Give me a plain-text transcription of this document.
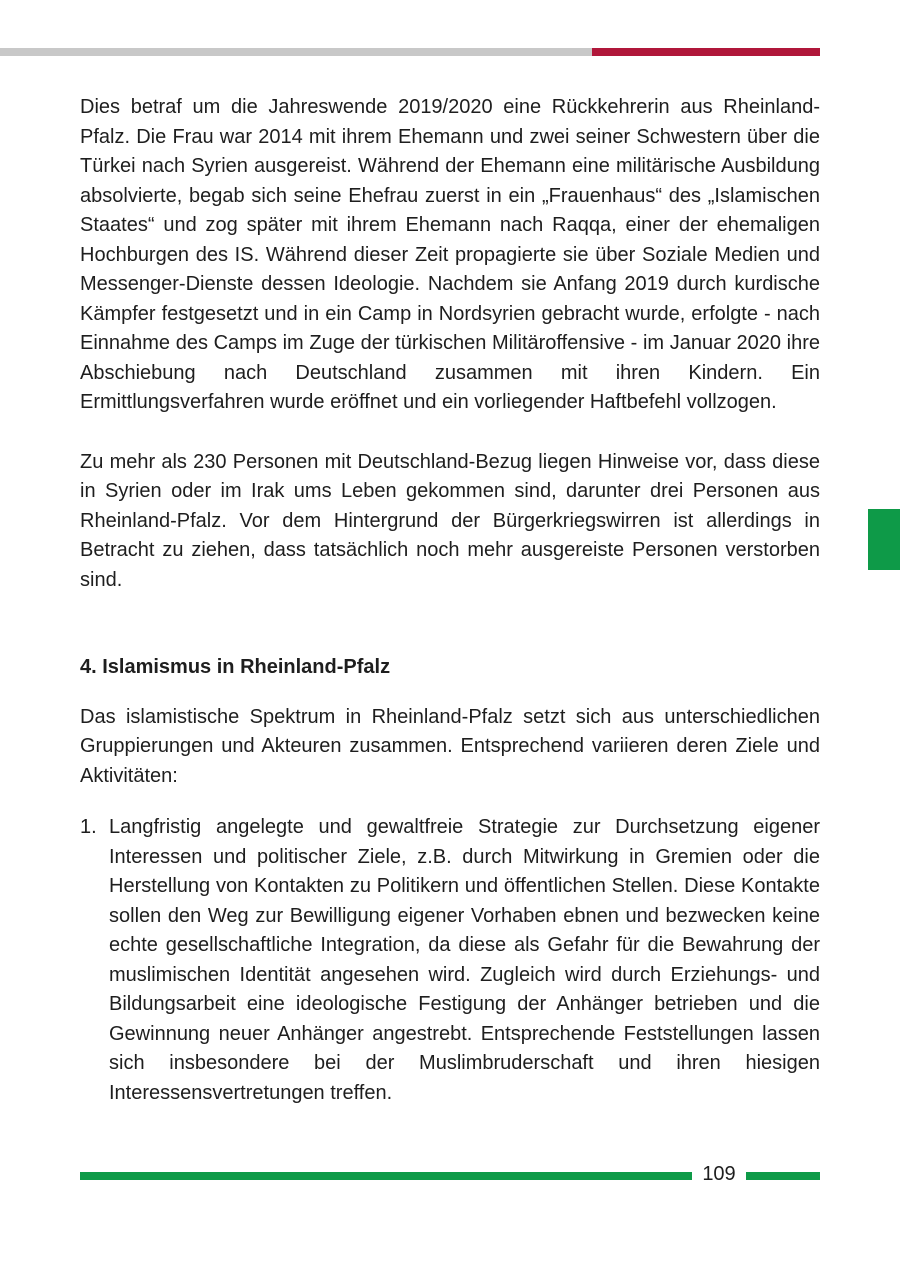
Dies betraf um die Jahreswende 2019/2020 eine Rückkehrerin aus Rheinland-Pfalz. Die Frau war 2014 mit ihrem Ehemann und zwei seiner Schwestern über die Türkei nach Syrien ausgereist. Während der Ehemann eine militärische Ausbildung absolvierte, begab sich seine Ehefrau zuerst in ein „Frauenhaus“ des „Islamischen Staates“ und zog später mit ihrem Ehemann nach Raqqa, einer der ehemaligen Hochburgen des IS. Während dieser Zeit propagierte sie über Soziale Medien und Messenger-Dienste dessen Ideologie. Nachdem sie Anfang 2019 durch kurdische Kämpfer festgesetzt und in ein Camp in Nordsyrien gebracht wurde, erfolgte - nach Einnahme des Camps im Zuge der türkischen Militäroffensive - im Januar 2020 ihre Abschiebung nach Deutschland zusammen mit ihren Kindern. Ein Ermittlungsverfahren wurde eröffnet und ein vorliegender Haftbefehl vollzogen.

Zu mehr als 230 Personen mit Deutschland-Bezug liegen Hinweise vor, dass diese in Syrien oder im Irak ums Leben gekommen sind, darunter drei Personen aus Rheinland-Pfalz. Vor dem Hintergrund der Bürgerkriegswirren ist allerdings in Betracht zu ziehen, dass tatsächlich noch mehr ausgereiste Personen verstorben sind.

4. Islamismus in Rheinland-Pfalz

Das islamistische Spektrum in Rheinland-Pfalz setzt sich aus unterschiedlichen Gruppierungen und Akteuren zusammen. Entsprechend variieren deren Ziele und Aktivitäten:

1. Langfristig angelegte und gewaltfreie Strategie zur Durchsetzung eigener Interessen und politischer Ziele, z.B. durch Mitwirkung in Gremien oder die Herstellung von Kontakten zu Politikern und öffentlichen Stellen. Diese Kontakte sollen den Weg zur Bewilligung eigener Vorhaben ebnen und bezwecken keine echte gesellschaftliche Integration, da diese als Gefahr für die Bewahrung der muslimischen Identität angesehen wird. Zugleich wird durch Erziehungs- und Bildungsarbeit eine ideologische Festigung der Anhänger betrieben und die Gewinnung neuer Anhänger angestrebt. Entsprechende Feststellungen lassen sich insbesondere bei der Muslimbruderschaft und ihren hiesigen Interessensvertretungen treffen.
109
